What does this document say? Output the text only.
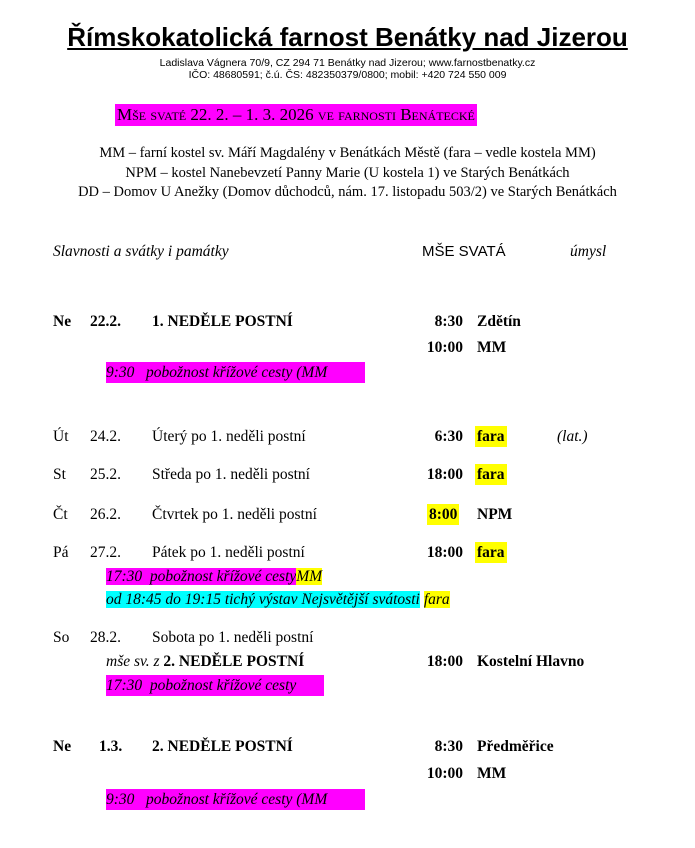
Římskokatolická farnost Benátky nad Jizerou
Ladislava Vágnera 70/9, CZ 294 71 Benátky nad Jizerou; www.farnostbenatky.cz
IČO: 48680591; č.ú. ČS: 482350379/0800; mobil: +420 724 550 009
Mše svaté 22. 2. – 1. 3. 2026 ve farnosti Benátecké
MM – farní kostel sv. Máří Magdalény v Benátkách Městě (fara – vedle kostela MM)
NPM – kostel Nanebevzetí Panny Marie (U kostela 1) ve Starých Benátkách
DD – Domov U Anežky (Domov důchodců, nám. 17. listopadu 503/2) ve Starých Benátkách
Slavnosti a svátky i památky	MŠE SVATÁ	úmysl
Ne 22.2. 1. NEDĚLE POSTNÍ	8:30 Zdětín
10:00 MM
9:30   pobožnost křížové cesty (MM
Út 24.2. Úterý po 1. neděli postní	6:30 fara	(lat.)
St 25.2. Středa po 1. neděli postní	18:00 fara
Čt 26.2. Čtvrtek po 1. neděli postní	8:00 NPM
Pá 27.2. Pátek po 1. neděli postní	18:00 fara
17:30  pobožnost křížové cestyMM
od 18:45 do 19:15 tichý výstav Nejsvětější svátosti fara
So 28.2. Sobota po 1. neděli postní
mše sv. z 2. NEDĚLE POSTNÍ	18:00 Kostelní Hlavno
17:30  pobožnost křížové cesty
Ne 1.3. 2. NEDĚLE POSTNÍ	8:30 Předměřice
10:00 MM
9:30   pobožnost křížové cesty (MM
